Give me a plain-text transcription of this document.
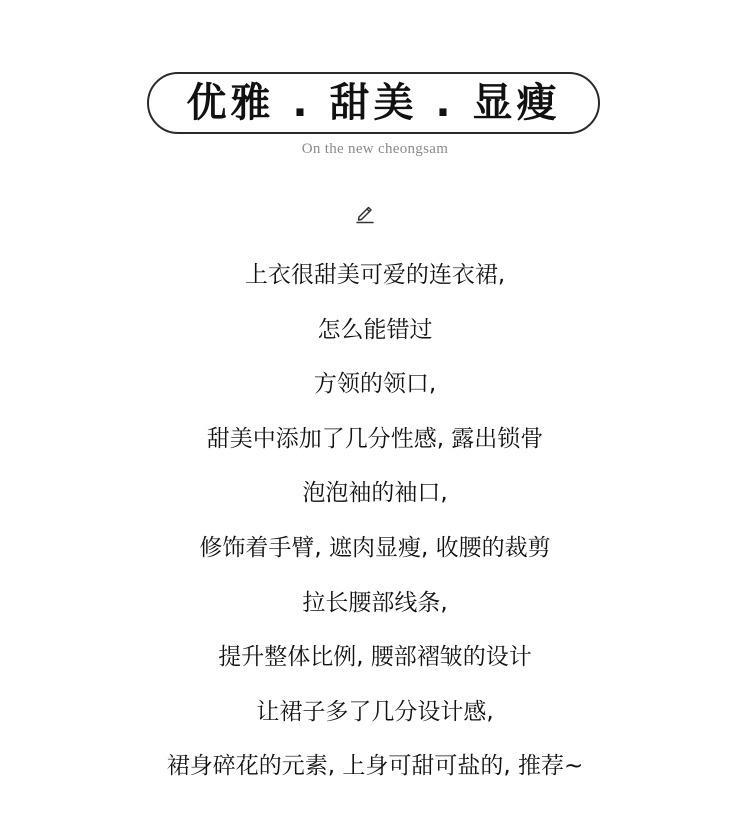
优雅 . 甜美 . 显瘦
On the new cheongsam
上衣很甜美可爱的连衣裙,
怎么能错过
方领的领口,
甜美中添加了几分性感, 露出锁骨
泡泡袖的袖口,
修饰着手臂, 遮肉显瘦, 收腰的裁剪
拉长腰部线条,
提升整体比例, 腰部褶皱的设计
让裙子多了几分设计感,
裙身碎花的元素, 上身可甜可盐的, 推荐~
